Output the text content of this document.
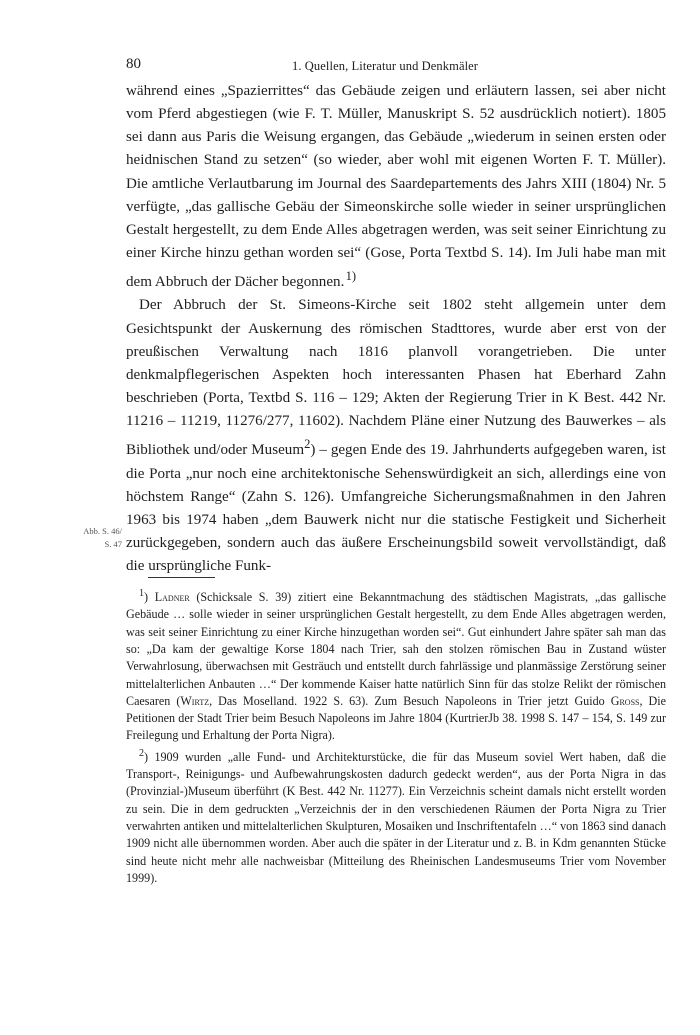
80	1. Quellen, Literatur und Denkmäler

während eines „Spazierrittes“ das Gebäude zeigen und erläutern lassen, sei aber nicht vom Pferd abgestiegen (wie F. T. Müller, Manuskript S. 52 ausdrücklich notiert). 1805 sei dann aus Paris die Weisung ergangen, das Gebäude „wiederum in seinen ersten oder heidnischen Stand zu setzen“ (so wieder, aber wohl mit eigenen Worten F. T. Müller). Die amtliche Verlautbarung im Journal des Saardepartements des Jahrs XIII (1804) Nr. 5 verfügte, „das gallische Gebäu der Simeonskirche solle wieder in seiner ursprünglichen Gestalt hergestellt, zu dem Ende Alles abgetragen werden, was seit seiner Einrichtung zu einer Kirche hinzu gethan worden sei“ (Gose, Porta Textbd S. 14). Im Juli habe man mit dem Abbruch der Dächer begonnen. $^{1)}$

Der Abbruch der St. Simeons-Kirche seit 1802 steht allgemein unter dem Gesichtspunkt der Auskernung des römischen Stadttores, wurde aber erst von der preußischen Verwaltung nach 1816 planvoll vorangetrieben. Die unter denkmalpflegerischen Aspekten hoch interessanten Phasen hat Eberhard Zahn beschrieben (Porta, Textbd S. 116 – 129; Akten der Regierung Trier in K Best. 442 Nr. 11216 – 11219, 11276/277, 11602). Nachdem Pläne einer Nutzung des Bauwerkes – als Bibliothek und/oder Museum$^2$) – gegen Ende des 19. Jahrhunderts aufgegeben waren, ist die Porta „nur noch eine architektonische Sehenswürdigkeit an sich, allerdings eine von höchstem Range“ (Zahn S. 126). Umfangreiche Sicherungsmaßnahmen in den Jahren 1963 bis 1974 haben „dem Bauwerk nicht nur die statische Festigkeit und Sicherheit zurückgegeben, sondern auch das äußere Erscheinungsbild soweit vervollständigt, daß die ursprüngliche Funk-

Abb. S. 46/
S. 47

$^1$) Ladner (Schicksale S. 39) zitiert eine Bekanntmachung des städtischen Magistrats, „das gallische Gebäude … solle wieder in seiner ursprünglichen Gestalt hergestellt, zu dem Ende Alles abgetragen werden, was seit seiner Einrichtung zu einer Kirche hinzugethan worden sei“. Gut einhundert Jahre später sah man das so: „Da kam der gewaltige Korse 1804 nach Trier, sah den stolzen römischen Bau in Zustand wüster Verwahrlosung, überwachsen mit Gesträuch und entstellt durch fahrlässige und planmässige Zerstörung seiner mittelalterlichen Anbauten …“ Der kommende Kaiser hatte natürlich Sinn für das stolze Relikt der römischen Caesaren (Wirtz, Das Moselland. 1922 S. 63). Zum Besuch Napoleons in Trier jetzt Guido Gross, Die Petitionen der Stadt Trier beim Besuch Napoleons im Jahre 1804 (KurtrierJb 38. 1998 S. 147 – 154, S. 149 zur Freilegung und Erhaltung der Porta Nigra).

$^2$) 1909 wurden „alle Fund- und Architekturstücke, die für das Museum soviel Wert haben, daß die Transport-, Reinigungs- und Aufbewahrungskosten dadurch gedeckt werden“, aus der Porta Nigra in das (Provinzial-)Museum überführt (K Best. 442 Nr. 11277). Ein Verzeichnis scheint damals nicht erstellt worden zu sein. Die in dem gedruckten „Verzeichnis der in den verschiedenen Räumen der Porta Nigra zu Trier verwahrten antiken und mittelalterlichen Skulpturen, Mosaiken und Inschriftentafeln …“ von 1863 sind danach 1909 nicht alle übernommen worden. Aber auch die später in der Literatur und z. B. in Kdm genannten Stücke sind heute nicht mehr alle nachweisbar (Mitteilung des Rheinischen Landesmuseums Trier vom November 1999).
